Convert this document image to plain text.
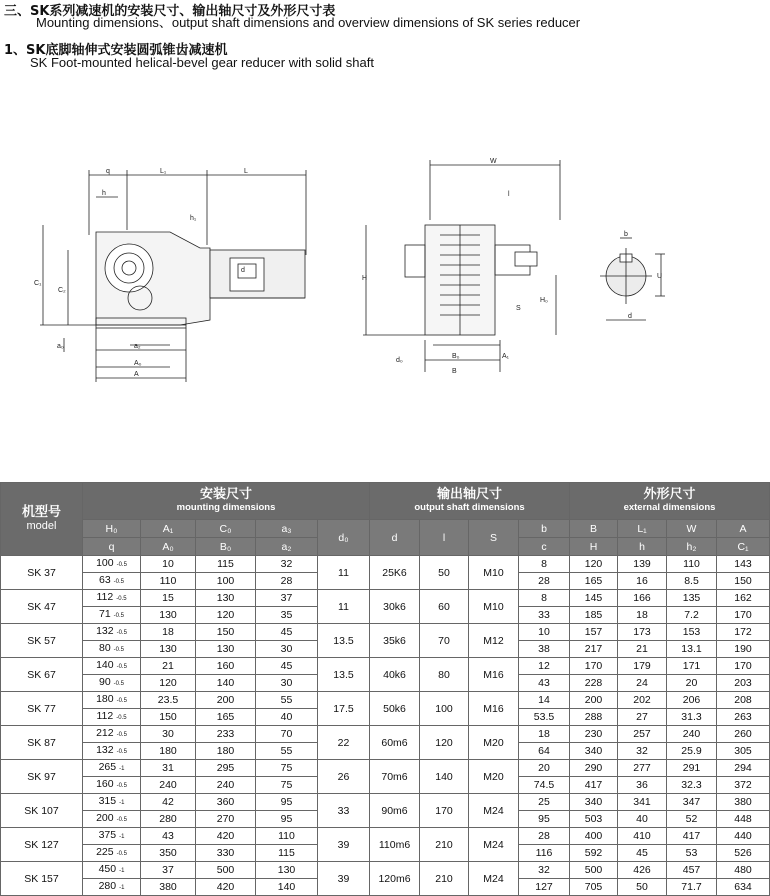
三、SK系列减速机的安装尺寸、输出轴尺寸及外形尺寸表
Mounting dimensions、output shaft dimensions and overview dimensions of SK series reducer
1、SK底脚轴伸式安装圆弧锥齿减速机
SK Foot-mounted helical-bevel gear reducer with solid shaft
q	L₁	L
h
h₁
C₁
C₂
a₀	a₂
A₀
A
d
W
l
H
H₀
S
d₀
B₀	A₁
B
b
U
d
机型号
model	安装尺寸
mounting dimensions					输出轴尺寸
output shaft dimensions				外形尺寸
external dimensions			

	H₀	A₁	C₀	a₃	d₀	d	l	S	b	B	L₁	W	A
	q	A₀	B₀	a₂					c	H	h	h₂	C₁
SK 37	100 -0.5	10	115	32	11	25K6	50	M10	8	120	139	110	143
	63 -0.5	110	100	28					28	165	16	8.5	150
SK 47	112 -0.5	15	130	37	11	30k6	60	M10	8	145	166	135	162
	71 -0.5	130	120	35					33	185	18	7.2	170
SK 57	132 -0.5	18	150	45	13.5	35k6	70	M12	10	157	173	153	172
	80 -0.5	130	130	30					38	217	21	13.1	190
SK 67	140 -0.5	21	160	45	13.5	40k6	80	M16	12	170	179	171	170
	90 -0.5	120	140	30					43	228	24	20	203
SK 77	180 -0.5	23.5	200	55	17.5	50k6	100	M16	14	200	202	206	208
	112 -0.5	150	165	40					53.5	288	27	31.3	263
SK 87	212 -0.5	30	233	70	22	60m6	120	M20	18	230	257	240	260
	132 -0.5	180	180	55					64	340	32	25.9	305
SK 97	265 -1	31	295	75	26	70m6	140	M20	20	290	277	291	294
	160 -0.5	240	240	75					74.5	417	36	32.3	372
SK 107	315 -1	42	360	95	33	90m6	170	M24	25	340	341	347	380
	200 -0.5	280	270	95					95	503	40	52	448
SK 127	375 -1	43	420	110	39	110m6	210	M24	28	400	410	417	440
	225 -0.5	350	330	115					116	592	45	53	526
SK 157	450 -1	37	500	130	39	120m6	210	M24	32	500	426	457	480
	280 -1	380	420	140					127	705	50	71.7	634
